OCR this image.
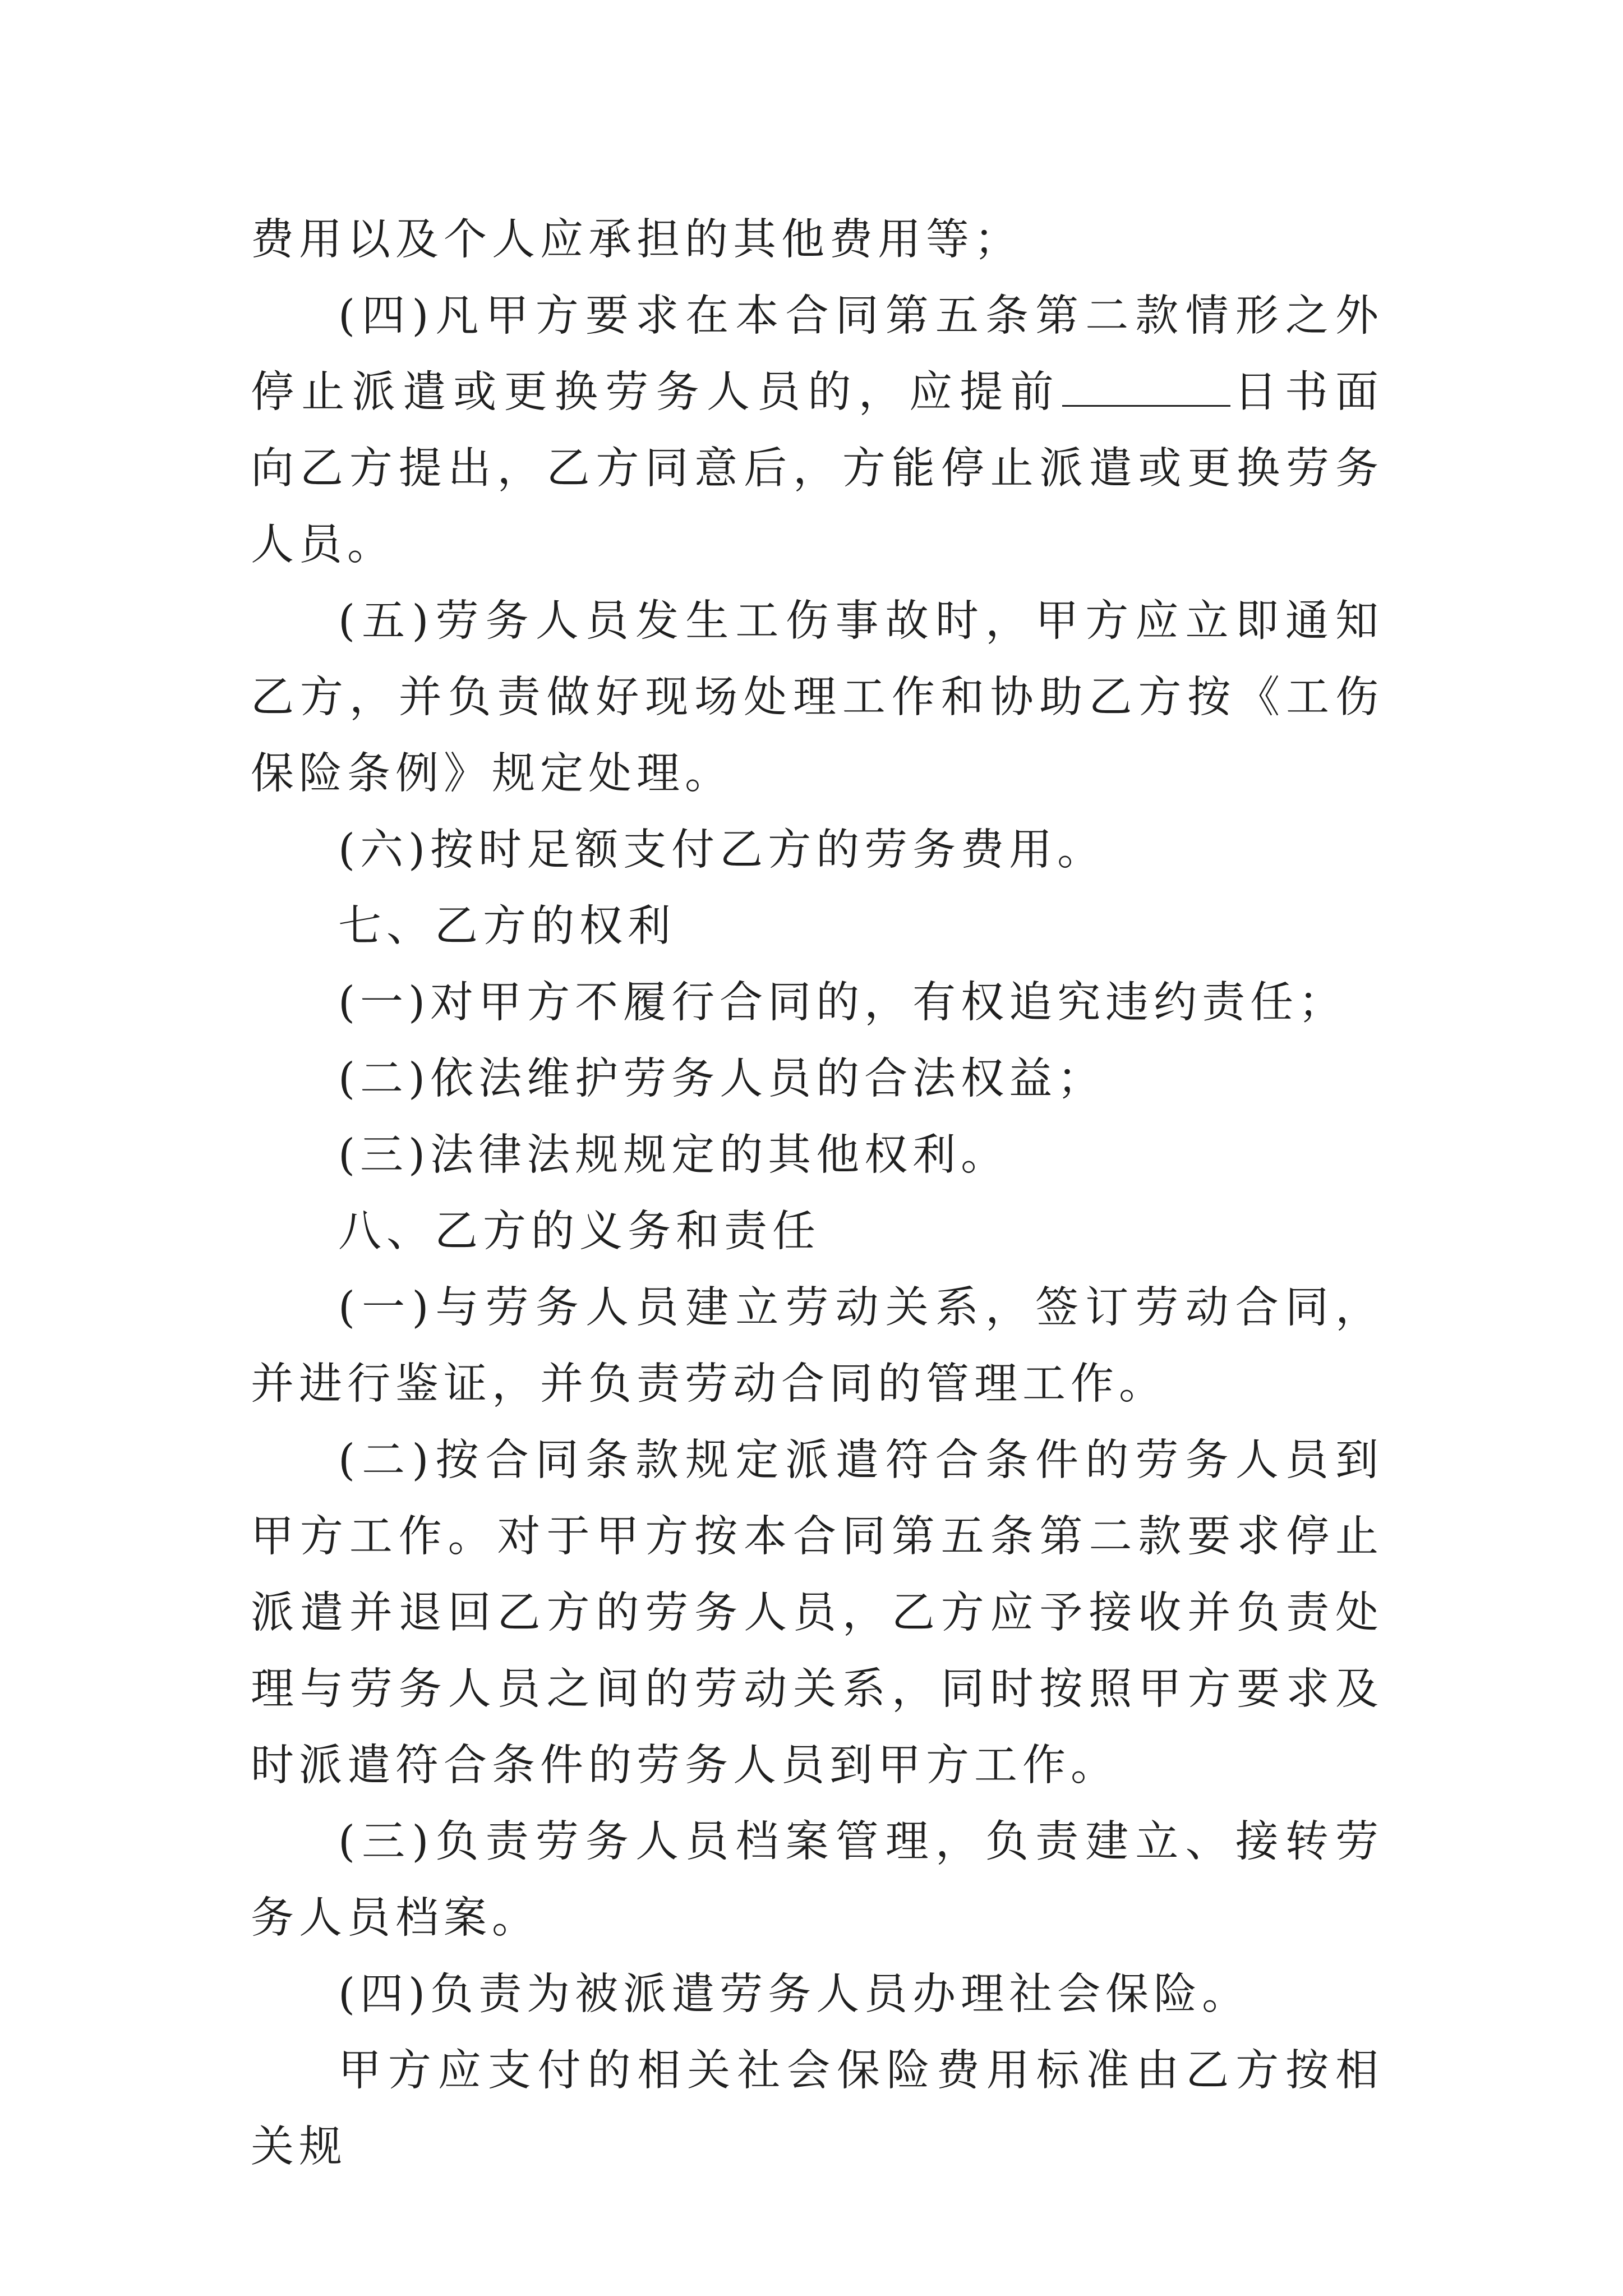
费用以及个人应承担的其他费用等；

(四)凡甲方要求在本合同第五条第二款情形之外停止派遣或更换劳务人员的，应提前	日书面向乙方提出，乙方同意后，方能停止派遣或更换劳务人员。

(五)劳务人员发生工伤事故时，甲方应立即通知乙方，并负责做好现场处理工作和协助乙方按《工伤保险条例》规定处理。

(六)按时足额支付乙方的劳务费用。

七、乙方的权利

(一)对甲方不履行合同的，有权追究违约责任；

(二)依法维护劳务人员的合法权益；

(三)法律法规规定的其他权利。

八、乙方的义务和责任

(一)与劳务人员建立劳动关系，签订劳动合同，并进行鉴证，并负责劳动合同的管理工作。

(二)按合同条款规定派遣符合条件的劳务人员到甲方工作。对于甲方按本合同第五条第二款要求停止派遣并退回乙方的劳务人员，乙方应予接收并负责处理与劳务人员之间的劳动关系，同时按照甲方要求及时派遣符合条件的劳务人员到甲方工作。

(三)负责劳务人员档案管理，负责建立、接转劳务人员档案。

(四)负责为被派遣劳务人员办理社会保险。

甲方应支付的相关社会保险费用标准由乙方按相关规
